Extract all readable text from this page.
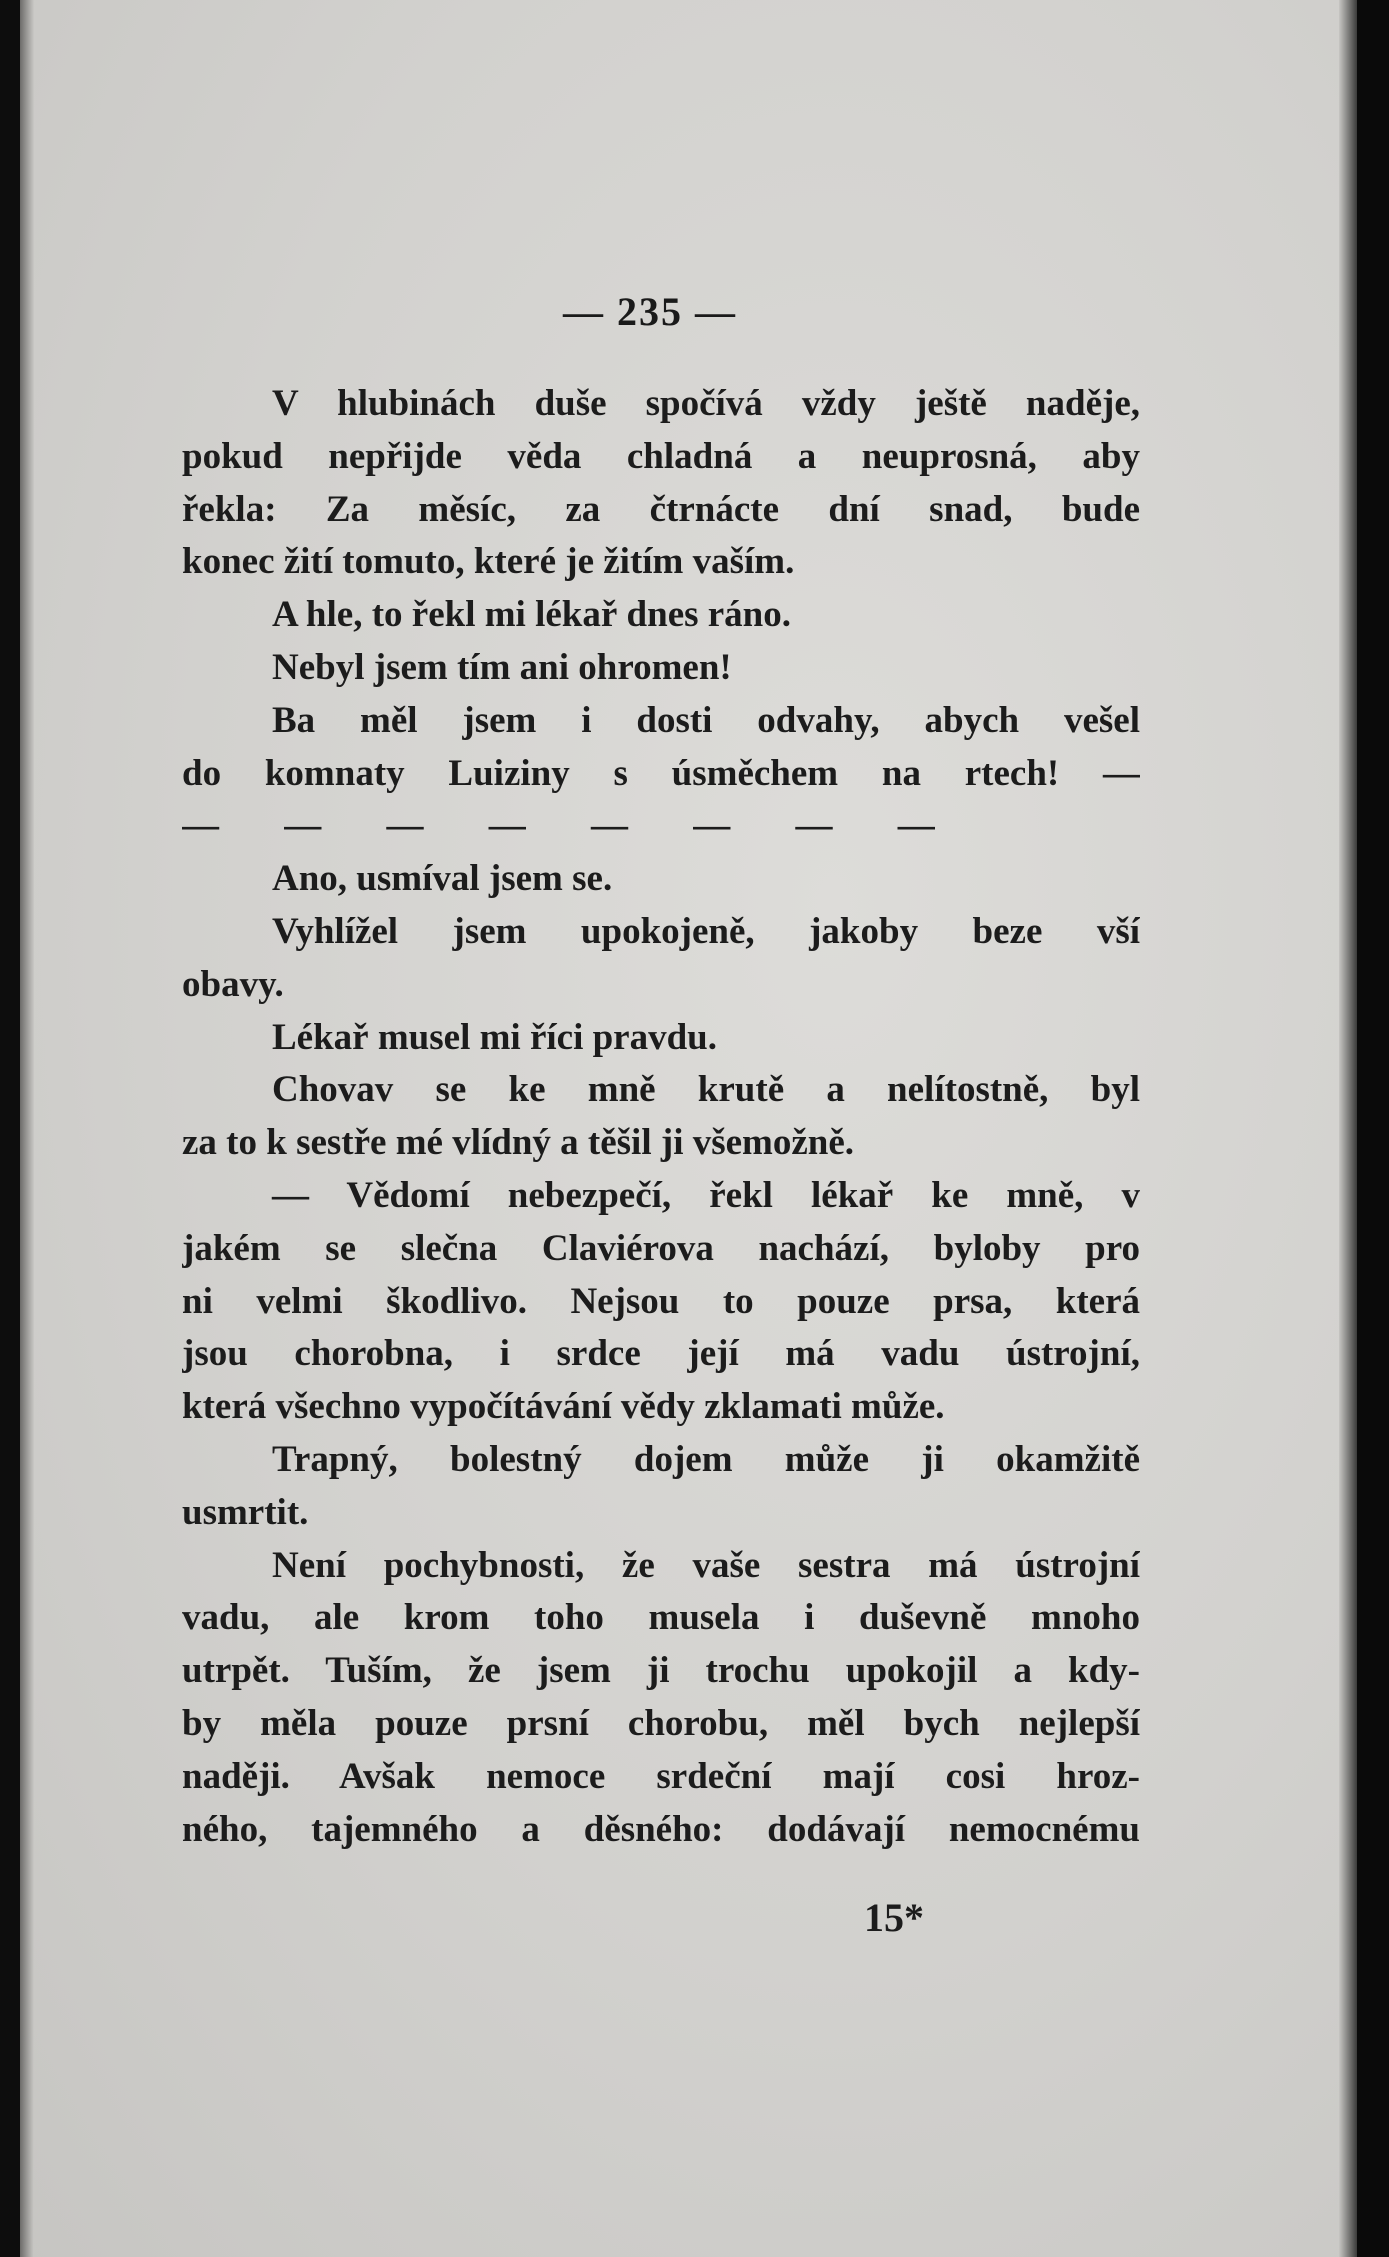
— 235 —
V hlubinách duše spočívá vždy ještě naděje,
pokud nepřijde věda chladná a neuprosná, aby
řekla: Za měsíc, za čtrnácte dní snad, bude
konec žití tomuto, které je žitím vaším.
A hle, to řekl mi lékař dnes ráno.
Nebyl jsem tím ani ohromen!
Ba měl jsem i dosti odvahy, abych vešel
do komnaty Luiziny s úsměchem na rtech! —
— — — — — — — —
Ano, usmíval jsem se.
Vyhlížel jsem upokojeně, jakoby beze vší
obavy.
Lékař musel mi říci pravdu.
Chovav se ke mně krutě a nelítostně, byl
za to k sestře mé vlídný a těšil ji všemožně.
— Vědomí nebezpečí, řekl lékař ke mně, v
jakém se slečna Claviérova nachází, byloby pro
ni velmi škodlivo. Nejsou to pouze prsa, která
jsou chorobna, i srdce její má vadu ústrojní,
která všechno vypočítávání vědy zklamati může.
Trapný, bolestný dojem může ji okamžitě
usmrtit.
Není pochybnosti, že vaše sestra má ústrojní
vadu, ale krom toho musela i duševně mnoho
utrpět. Tuším, že jsem ji trochu upokojil a kdy-
by měla pouze prsní chorobu, měl bych nejlepší
naději. Avšak nemoce srdeční mají cosi hroz-
ného, tajemného a děsného: dodávají nemocnému
15*
